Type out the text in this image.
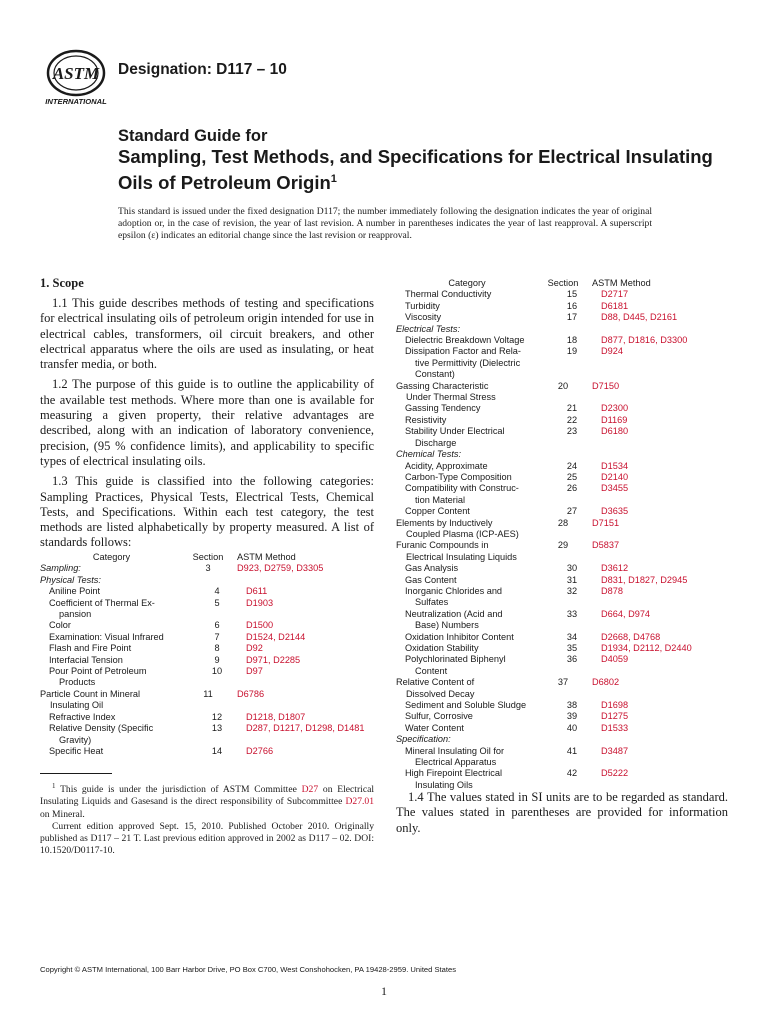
ASTM
INTERNATIONAL
Designation: D117 – 10
Standard Guide for
Sampling, Test Methods, and Specifications for Electrical Insulating Oils of Petroleum Origin$^1$
This standard is issued under the fixed designation D117; the number immediately following the designation indicates the year of original adoption or, in the case of revision, the year of last revision. A number in parentheses indicates the year of last reapproval. A superscript epsilon (ε) indicates an editorial change since the last revision or reapproval.
1. Scope

1.1 This guide describes methods of testing and specifications for electrical insulating oils of petroleum origin intended for use in electrical cables, transformers, oil circuit breakers, and other electrical apparatus where the oils are used as insulating, or heat transfer media, or both.

1.2 The purpose of this guide is to outline the applicability of the available test methods. Where more than one is available for measuring a given property, their relative advantages are described, along with an indication of laboratory convenience, precision, (95 % confidence limits), and applicability to specific types of electrical insulating oils.

1.3 This guide is classified into the following categories: Sampling Practices, Physical Tests, Electrical Tests, Chemical Tests, and Specifications. Within each test category, the test methods are listed alphabetically by property measured. A list of standards follows:

Category	Section	ASTM Method
Sampling:	3	D923, D2759, D3305
Physical Tests:
Aniline Point	4	D611
Coefficient of Thermal Ex-
pansion
5	D1903
Color	6	D1500
Examination: Visual Infrared	7	D1524, D2144
Flash and Fire Point	8	D92
Interfacial Tension	9	D971, D2285
Pour Point of Petroleum
Products
10	D97
Particle Count in Mineral
Insulating Oil
11	D6786
Refractive Index	12	D1218, D1807
Relative Density (Specific
Gravity)
13	D287, D1217, D1298, D1481
Specific Heat	14	D2766
Category	Section	ASTM Method
Thermal Conductivity	15	D2717
Turbidity	16	D6181
Viscosity	17	D88, D445, D2161
Electrical Tests:
Dielectric Breakdown Voltage	18	D877, D1816, D3300
Dissipation Factor and Rela-
tive Permittivity (Dielectric
Constant)
19	D924
Gassing Characteristic
Under Thermal Stress
20	D7150
Gassing Tendency	21	D2300
Resistivity	22	D1169
Stability Under Electrical
Discharge
23	D6180
Chemical Tests:
Acidity, Approximate	24	D1534
Carbon-Type Composition	25	D2140
Compatibility with Construc-
tion Material
26	D3455
Copper Content	27	D3635
Elements by Inductively
Coupled Plasma (ICP-AES)
28	D7151
Furanic Compounds in
Electrical Insulating Liquids
29	D5837
Gas Analysis	30	D3612
Gas Content	31	D831, D1827, D2945
Inorganic Chlorides and
Sulfates
32	D878
Neutralization (Acid and
Base) Numbers
33	D664, D974
Oxidation Inhibitor Content	34	D2668, D4768
Oxidation Stability	35	D1934, D2112, D2440
Polychlorinated Biphenyl
Content
36	D4059
Relative Content of
Dissolved Decay
37	D6802
Sediment and Soluble Sludge	38	D1698
Sulfur, Corrosive	39	D1275
Water Content	40	D1533
Specification:
Mineral Insulating Oil for
Electrical Apparatus
41	D3487
High Firepoint Electrical
Insulating Oils
42	D5222

1.4 The values stated in SI units are to be regarded as standard. The values stated in parentheses are provided for information only.

$^1$ This guide is under the jurisdiction of ASTM Committee D27 on Electrical Insulating Liquids and Gasesand is the direct responsibility of Subcommittee D27.01 on Mineral.

Current edition approved Sept. 15, 2010. Published October 2010. Originally published as D117 – 21 T. Last previous edition approved in 2002 as D117 – 02. DOI: 10.1520/D0117-10.

Copyright © ASTM International, 100 Barr Harbor Drive, PO Box C700, West Conshohocken, PA 19428-2959. United States
1
